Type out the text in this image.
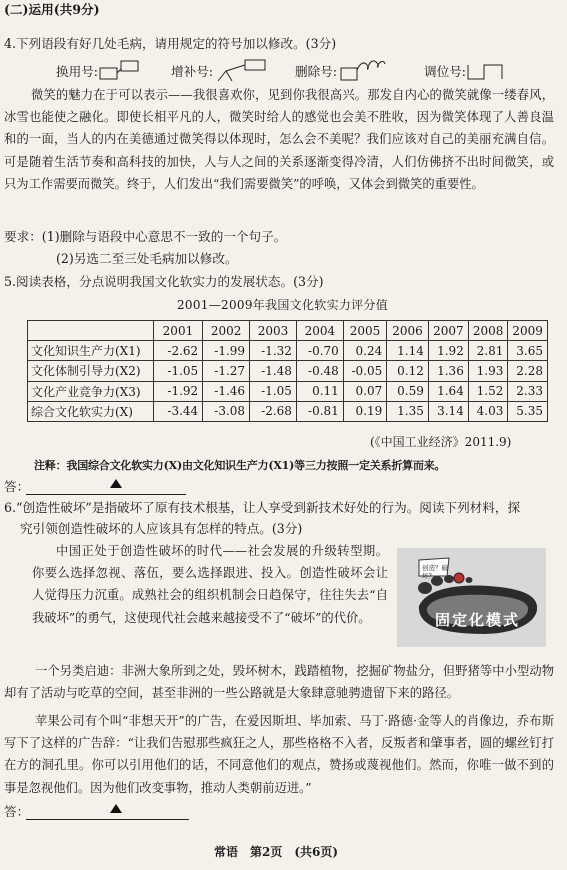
(二)运用(共9分)
4.下列语段有好几处毛病，请用规定的符号加以修改。(3分)
换用号:	增补号:	删除号:	调位号:
微笑的魅力在于可以表示——我很喜欢你，见到你我很高兴。那发自内心的微笑就像一缕春风，冰雪也能使之融化。即使长相平凡的人，微笑时给人的感觉也会美不胜收，因为微笑体现了人善良温和的一面，当人的内在美德通过微笑得以体现时，怎么会不美呢？我们应该对自己的美丽充满自信。可是随着生活节奏和高科技的加快，人与人之间的关系逐渐变得冷清，人们仿佛挤不出时间微笑，或只为工作需要而微笑。终于，人们发出“我们需要微笑”的呼唤，又体会到微笑的重要性。
要求：(1)删除与语段中心意思不一致的一个句子。
(2)另选二至三处毛病加以修改。
5.阅读表格，分点说明我国文化软实力的发展状态。(3分)
2001—2009年我国文化软实力评分值
	2001	2002	2003	2004	2005	2006	2007	2008	2009
文化知识生产力(X1)	-2.62	-1.99	-1.32	-0.70	0.24	1.14	1.92	2.81	3.65
文化体制引导力(X2)	-1.05	-1.27	-1.48	-0.48	-0.05	0.12	1.36	1.93	2.28
文化产业竞争力(X3)	-1.92	-1.46	-1.05	0.11	0.07	0.59	1.64	1.52	2.33
综合文化软实力(X)	-3.44	-3.08	-2.68	-0.81	0.19	1.35	3.14	4.03	5.35
(《中国工业经济》2011.9)
注释：我国综合文化软实力(X)由文化知识生产力(X1)等三力按照一定关系折算而来。
答：
6.“创造性破坏”是指破坏了原有技术根基，让人享受到新技术好处的行为。阅读下列材料，探
究引领创造性破坏的人应该具有怎样的特点。(3分)
中国正处于创造性破坏的时代——社会发展的升级转型期。你要么选择忽视、落伍，要么选择跟进、投入。创造性破坏会让人觉得压力沉重。成熟社会的组织机制会日趋保守，往往失去“自我破坏”的勇气，这使现代社会越来越接受不了“破坏”的代价。	固定化模式
创造？破坏？
一个另类启迪：非洲大象所到之处，毁坏树木，践踏植物，挖掘矿物盐分，但野猪等中小型动物却有了活动与吃草的空间，甚至非洲的一些公路就是大象肆意驰骋遗留下来的路径。
苹果公司有个叫“非想天开”的广告，在爱因斯坦、毕加索、马丁·路德·金等人的肖像边，乔布斯写下了这样的广告辞：“让我们告慰那些疯狂之人，那些格格不入者，反叛者和肇事者，圆的螺丝钉打在方的洞孔里。你可以引用他们的话，不同意他们的观点，赞扬或蔑视他们。然而，你唯一做不到的事是忽视他们。因为他们改变事物，推动人类朝前迈进。”
答：
常语　第2页　(共6页)
